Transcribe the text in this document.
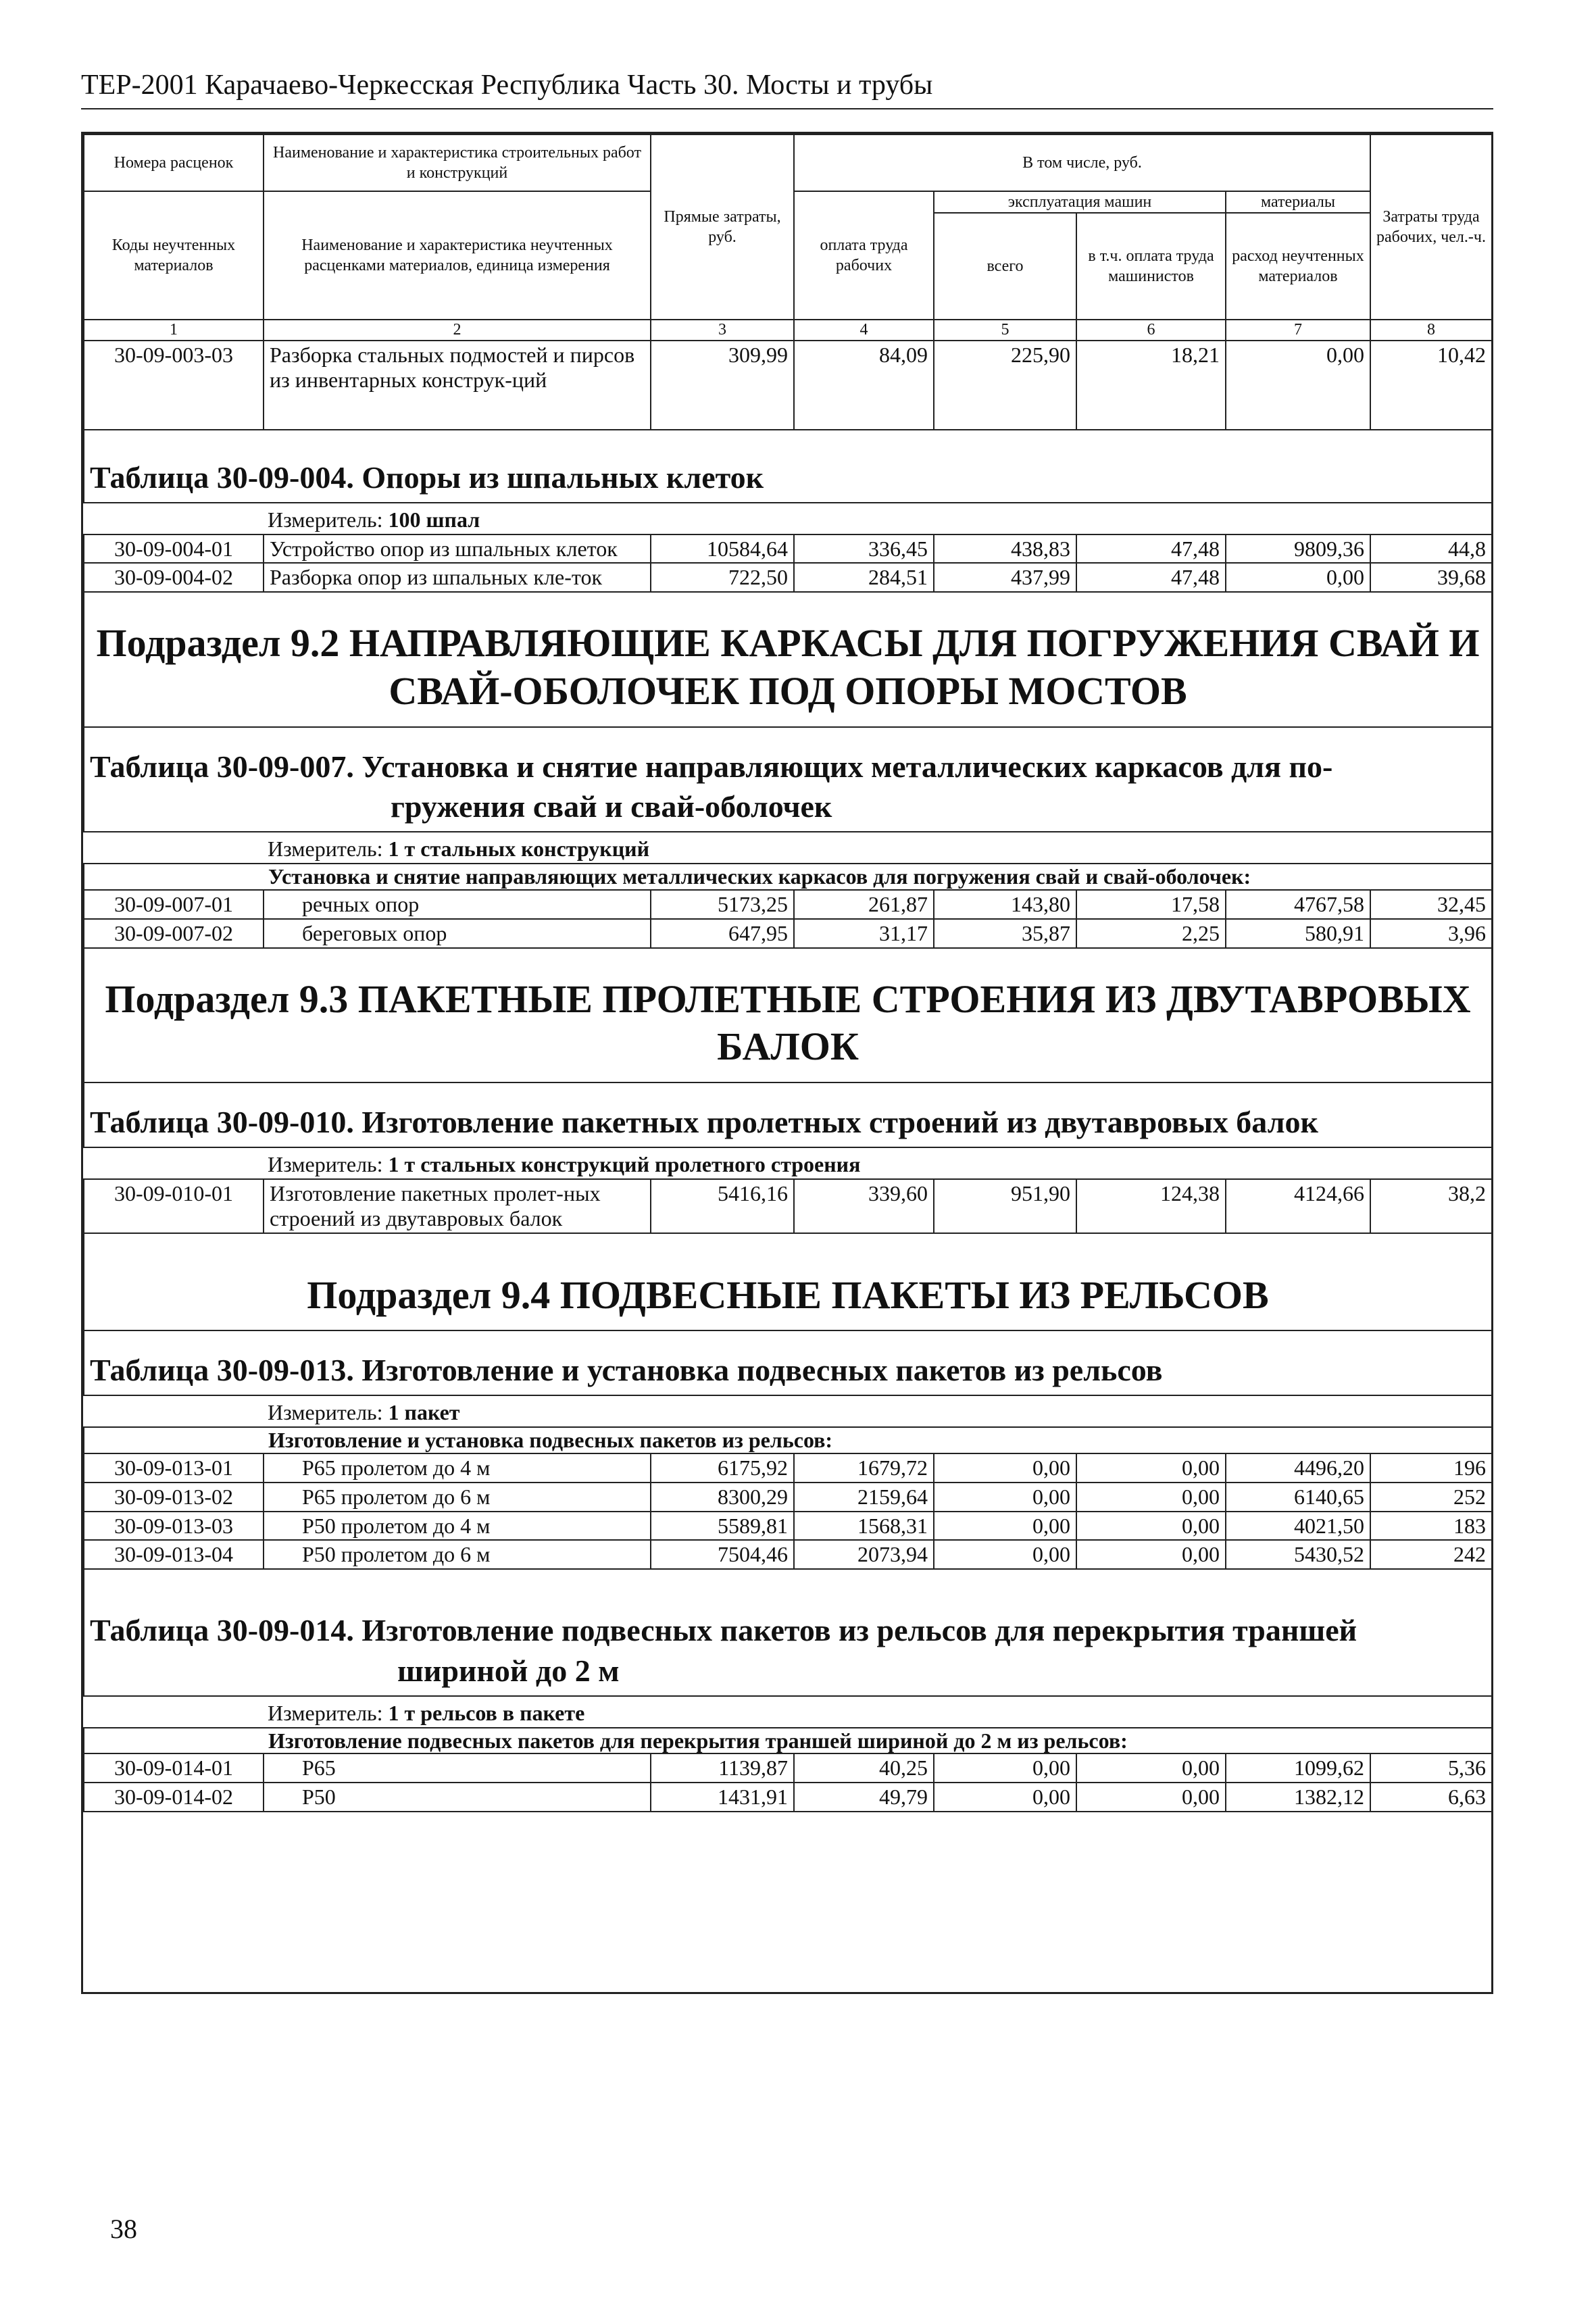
ТЕР-2001 Карачаево-Черкесская Республика Часть 30. Мосты и трубы
Номера расценок	Наименование и характеристика строительных работ и конструкций	Прямые затраты, руб.	В том числе, руб.				Затраты труда рабочих, чел.-ч.
Коды неучтенных материалов	Наименование и характеристика неучтенных расценками материалов, единица измерения		оплата труда рабочих	эксплуатация машин		материалы	
				всего	в т.ч. оплата труда машинистов	расход неучтенных материалов	
1	2	3	4	5	6	7	8
30-09-003-03	Разборка стальных подмостей и пирсов из инвентарных конструк-ций	309,99	84,09	225,90	18,21	0,00	10,42
Таблица 30-09-004. Опоры из шпальных клеток							
Измеритель: 100 шпал							
30-09-004-01	Устройство опор из шпальных клеток	10584,64	336,45	438,83	47,48	9809,36	44,8
30-09-004-02	Разборка опор из шпальных кле-ток	722,50	284,51	437,99	47,48	0,00	39,68
Подраздел 9.2 НАПРАВЛЯЮЩИЕ КАРКАСЫ ДЛЯ ПОГРУЖЕНИЯ СВАЙ И СВАЙ-ОБОЛОЧЕК ПОД ОПОРЫ МОСТОВ							
Таблица 30-09-007. Установка и снятие направляющих металлических каркасов для по-
гружения свай и свай-оболочек							

Измеритель: 1 т стальных конструкций							
Установка и снятие направляющих металлических каркасов для погружения свай и свай-оболочек:							
30-09-007-01	речных опор	5173,25	261,87	143,80	17,58	4767,58	32,45
30-09-007-02	береговых опор	647,95	31,17	35,87	2,25	580,91	3,96
Подраздел 9.3 ПАКЕТНЫЕ ПРОЛЕТНЫЕ СТРОЕНИЯ ИЗ ДВУТАВРОВЫХ БАЛОК							
Таблица 30-09-010. Изготовление пакетных пролетных строений из двутавровых балок							
Измеритель: 1 т стальных конструкций пролетного строения							
30-09-010-01	Изготовление пакетных пролет-ных строений из двутавровых балок	5416,16	339,60	951,90	124,38	4124,66	38,2
Подраздел 9.4 ПОДВЕСНЫЕ ПАКЕТЫ ИЗ РЕЛЬСОВ							
Таблица 30-09-013. Изготовление и установка подвесных пакетов из рельсов							
Измеритель: 1 пакет							
Изготовление и установка подвесных пакетов из рельсов:							
30-09-013-01	Р65 пролетом до 4 м	6175,92	1679,72	0,00	0,00	4496,20	196
30-09-013-02	Р65 пролетом до 6 м	8300,29	2159,64	0,00	0,00	6140,65	252
30-09-013-03	Р50 пролетом до 4 м	5589,81	1568,31	0,00	0,00	4021,50	183
30-09-013-04	Р50 пролетом до 6 м	7504,46	2073,94	0,00	0,00	5430,52	242
Таблица 30-09-014. Изготовление подвесных пакетов из рельсов для перекрытия траншей
шириной до 2 м							

Измеритель: 1 т рельсов в пакете							
Изготовление подвесных пакетов для перекрытия траншей шириной до 2 м из рельсов:							
30-09-014-01	Р65	1139,87	40,25	0,00	0,00	1099,62	5,36
30-09-014-02	Р50	1431,91	49,79	0,00	0,00	1382,12	6,63
38
